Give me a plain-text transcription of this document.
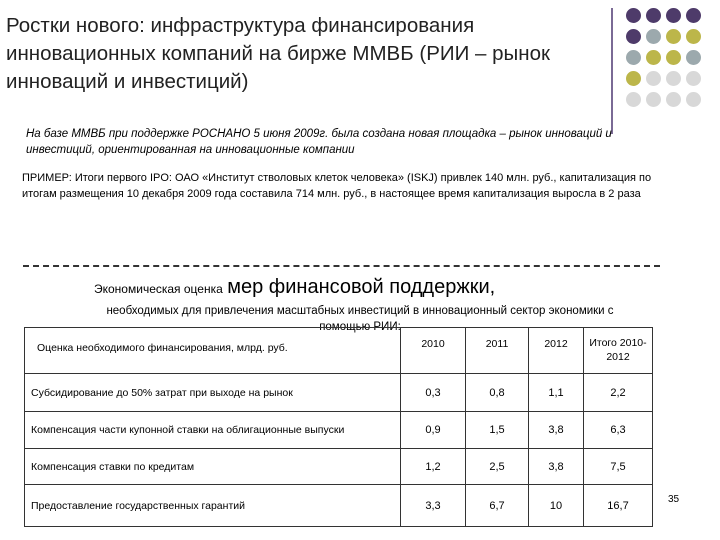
Ростки нового: инфраструктура финансирования инновационных компаний на бирже ММВБ (РИИ – рынок инноваций и инвестиций)
На базе ММВБ при поддержке РОСНАНО 5 июня 2009г. была создана новая площадка – рынок инноваций и инвестиций, ориентированная на инновационные компании
ПРИМЕР: Итоги первого IPO: ОАО «Институт стволовых клеток человека» (ISKJ) привлек 140 млн. руб., капитализация по итогам размещения 10 декабря 2009 года составила 714 млн. руб., в настоящее время капитализация выросла в 2 раза
Экономическая оценка мер финансовой поддержки,
необходимых для привлечения масштабных инвестиций в инновационный сектор экономики с помощью РИИ:
Оценка необходимого финансирования, млрд. руб.	2010	2011	2012	Итого 2010-2012
Субсидирование до 50% затрат при выходе на рынок	0,3	0,8	1,1	2,2
Компенсация части купонной ставки на облигационные выпуски	0,9	1,5	3,8	6,3
Компенсация ставки по кредитам	1,2	2,5	3,8	7,5
Предоставление государственных гарантий	3,3	6,7	10	16,7	35
